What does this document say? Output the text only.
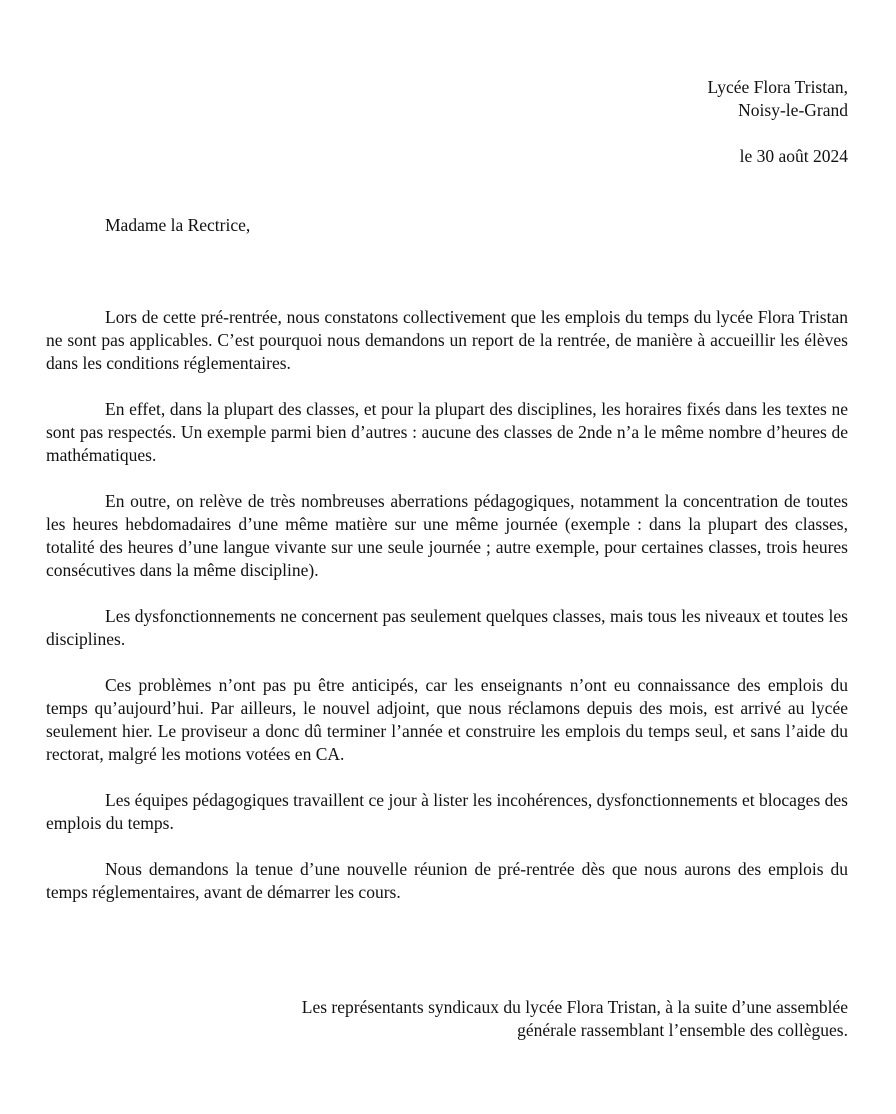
Lycée Flora Tristan,
Noisy-le-Grand
le 30 août 2024
Madame la Rectrice,

Lors de cette pré-rentrée, nous constatons collectivement que les emplois du temps du lycée Flora Tristan ne sont pas applicables. C’est pourquoi nous demandons un report de la rentrée, de manière à accueillir les élèves dans les conditions réglementaires.

En effet, dans la plupart des classes, et pour la plupart des disciplines, les horaires fixés dans les textes ne sont pas respectés. Un exemple parmi bien d’autres : aucune des classes de 2nde n’a le même nombre d’heures de mathématiques.

En outre, on relève de très nombreuses aberrations pédagogiques, notamment la concentration de toutes les heures hebdomadaires d’une même matière sur une même journée (exemple : dans la plupart des classes, totalité des heures d’une langue vivante sur une seule journée ; autre exemple, pour certaines classes, trois heures consécutives dans la même discipline).

Les dysfonctionnements ne concernent pas seulement quelques classes, mais tous les niveaux et toutes les disciplines.

Ces problèmes n’ont pas pu être anticipés, car les enseignants n’ont eu connaissance des emplois du temps qu’aujourd’hui. Par ailleurs, le nouvel adjoint, que nous réclamons depuis des mois, est arrivé au lycée seulement hier. Le proviseur a donc dû terminer l’année et construire les emplois du temps seul, et sans l’aide du rectorat, malgré les motions votées en CA.

Les équipes pédagogiques travaillent ce jour à lister les incohérences, dysfonctionnements et blocages des emplois du temps.

Nous demandons la tenue d’une nouvelle réunion de pré-rentrée dès que nous aurons des emplois du temps réglementaires, avant de démarrer les cours.

Les représentants syndicaux du lycée Flora Tristan, à la suite d’une assemblée
générale rassemblant l’ensemble des collègues.
